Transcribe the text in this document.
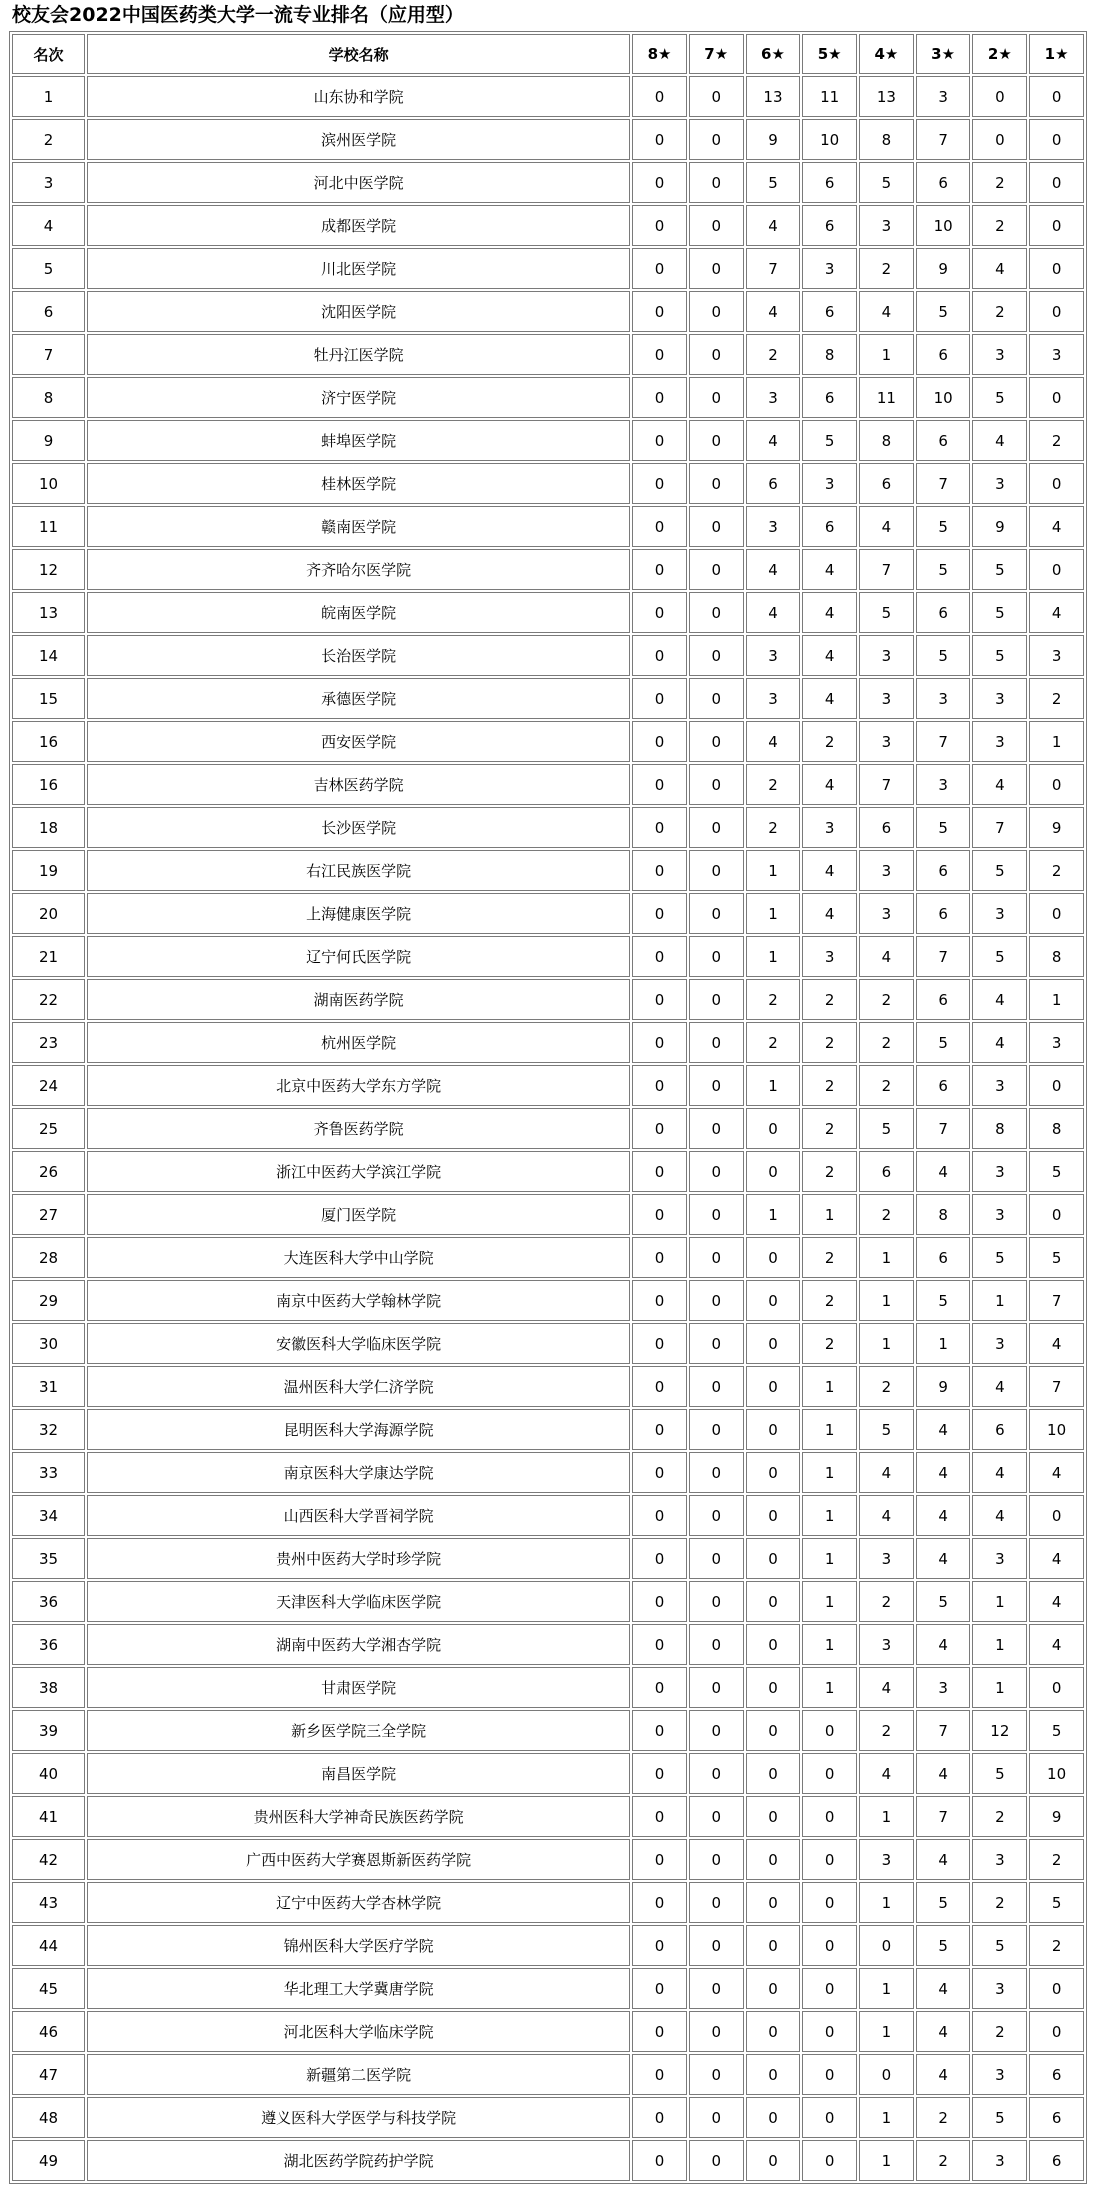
校友会2022中国医药类大学一流专业排名（应用型）
名次	学校名称	8★	7★	6★	5★	4★	3★	2★	1★
1	山东协和学院	0	0	13	11	13	3	0	0
2	滨州医学院	0	0	9	10	8	7	0	0
3	河北中医学院	0	0	5	6	5	6	2	0
4	成都医学院	0	0	4	6	3	10	2	0
5	川北医学院	0	0	7	3	2	9	4	0
6	沈阳医学院	0	0	4	6	4	5	2	0
7	牡丹江医学院	0	0	2	8	1	6	3	3
8	济宁医学院	0	0	3	6	11	10	5	0
9	蚌埠医学院	0	0	4	5	8	6	4	2
10	桂林医学院	0	0	6	3	6	7	3	0
11	赣南医学院	0	0	3	6	4	5	9	4
12	齐齐哈尔医学院	0	0	4	4	7	5	5	0
13	皖南医学院	0	0	4	4	5	6	5	4
14	长治医学院	0	0	3	4	3	5	5	3
15	承德医学院	0	0	3	4	3	3	3	2
16	西安医学院	0	0	4	2	3	7	3	1
16	吉林医药学院	0	0	2	4	7	3	4	0
18	长沙医学院	0	0	2	3	6	5	7	9
19	右江民族医学院	0	0	1	4	3	6	5	2
20	上海健康医学院	0	0	1	4	3	6	3	0
21	辽宁何氏医学院	0	0	1	3	4	7	5	8
22	湖南医药学院	0	0	2	2	2	6	4	1
23	杭州医学院	0	0	2	2	2	5	4	3
24	北京中医药大学东方学院	0	0	1	2	2	6	3	0
25	齐鲁医药学院	0	0	0	2	5	7	8	8
26	浙江中医药大学滨江学院	0	0	0	2	6	4	3	5
27	厦门医学院	0	0	1	1	2	8	3	0
28	大连医科大学中山学院	0	0	0	2	1	6	5	5
29	南京中医药大学翰林学院	0	0	0	2	1	5	1	7
30	安徽医科大学临床医学院	0	0	0	2	1	1	3	4
31	温州医科大学仁济学院	0	0	0	1	2	9	4	7
32	昆明医科大学海源学院	0	0	0	1	5	4	6	10
33	南京医科大学康达学院	0	0	0	1	4	4	4	4
34	山西医科大学晋祠学院	0	0	0	1	4	4	4	0
35	贵州中医药大学时珍学院	0	0	0	1	3	4	3	4
36	天津医科大学临床医学院	0	0	0	1	2	5	1	4
36	湖南中医药大学湘杏学院	0	0	0	1	3	4	1	4
38	甘肃医学院	0	0	0	1	4	3	1	0
39	新乡医学院三全学院	0	0	0	0	2	7	12	5
40	南昌医学院	0	0	0	0	4	4	5	10
41	贵州医科大学神奇民族医药学院	0	0	0	0	1	7	2	9
42	广西中医药大学赛恩斯新医药学院	0	0	0	0	3	4	3	2
43	辽宁中医药大学杏林学院	0	0	0	0	1	5	2	5
44	锦州医科大学医疗学院	0	0	0	0	0	5	5	2
45	华北理工大学冀唐学院	0	0	0	0	1	4	3	0
46	河北医科大学临床学院	0	0	0	0	1	4	2	0
47	新疆第二医学院	0	0	0	0	0	4	3	6
48	遵义医科大学医学与科技学院	0	0	0	0	1	2	5	6
49	湖北医药学院药护学院	0	0	0	0	1	2	3	6
